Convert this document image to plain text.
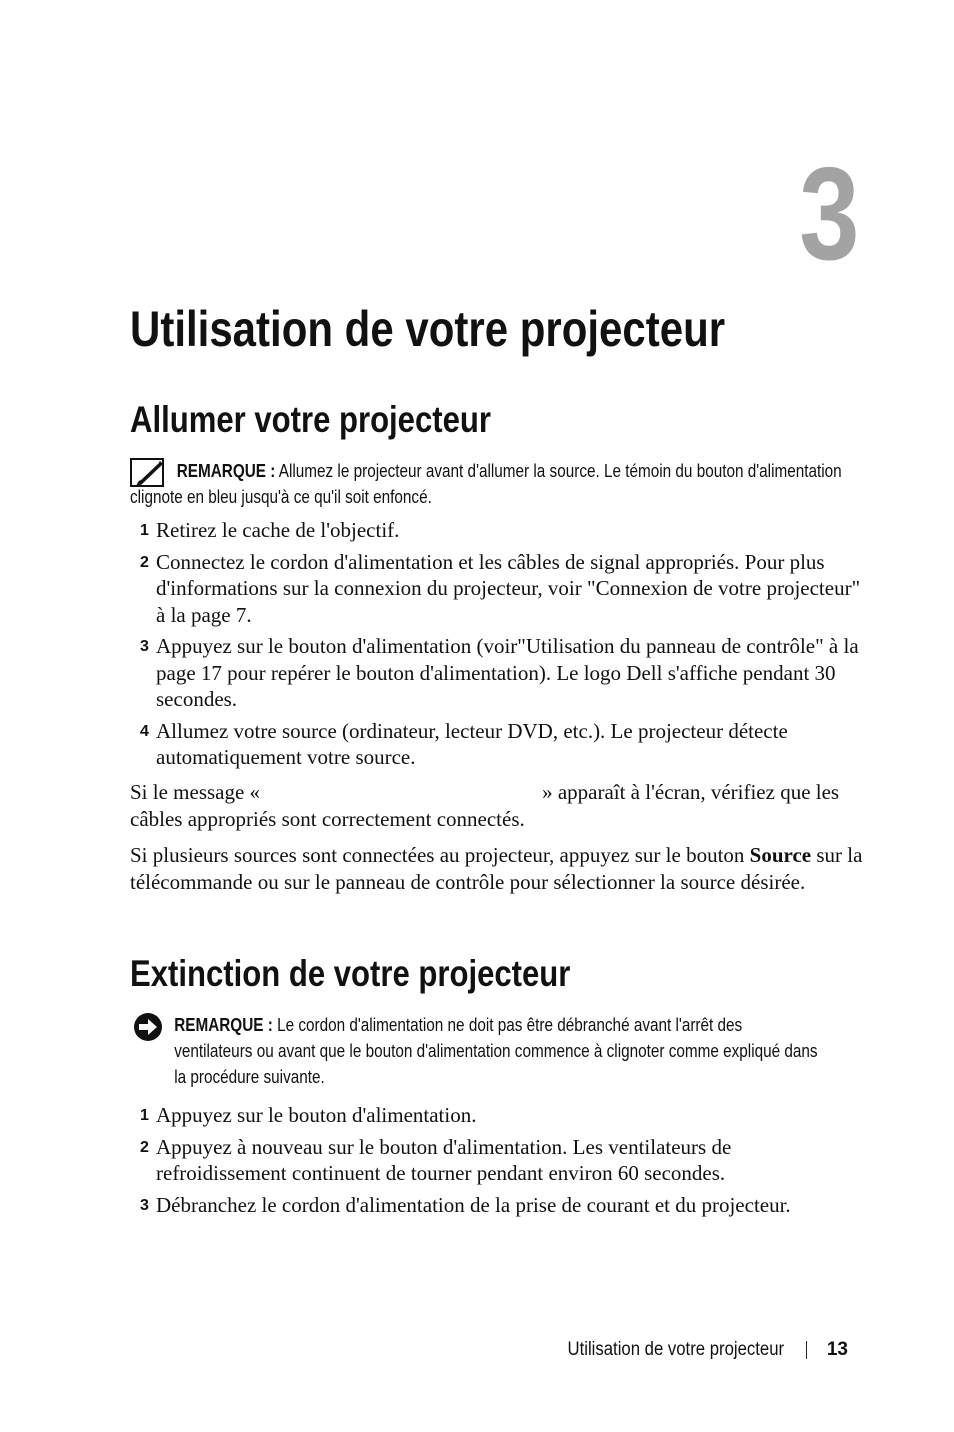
3
Utilisation de votre projecteur
Allumer votre projecteur
REMARQUE : Allumez le projecteur avant d'allumer la source. Le témoin du bouton d'alimentation clignote en bleu jusqu'à ce qu'il soit enfoncé.
1 Retirez le cache de l'objectif.
2 Connectez le cordon d'alimentation et les câbles de signal appropriés. Pour plus d'informations sur la connexion du projecteur, voir "Connexion de votre projecteur" à la page 7.
3 Appuyez sur le bouton d'alimentation (voir"Utilisation du panneau de contrôle" à la page 17 pour repérer le bouton d'alimentation). Le logo Dell s'affiche pendant 30 secondes.
4 Allumez votre source (ordinateur, lecteur DVD, etc.). Le projecteur détecte automatiquement votre source.

Si le message «	» apparaît à l'écran, vérifiez que les câbles appropriés sont correctement connectés.

Si plusieurs sources sont connectées au projecteur, appuyez sur le bouton Source sur la télécommande ou sur le panneau de contrôle pour sélectionner la source désirée.

Extinction de votre projecteur
REMARQUE : Le cordon d'alimentation ne doit pas être débranché avant l'arrêt des ventilateurs ou avant que le bouton d'alimentation commence à clignoter comme expliqué dans la procédure suivante.
1 Appuyez sur le bouton d'alimentation.
2 Appuyez à nouveau sur le bouton d'alimentation. Les ventilateurs de refroidissement continuent de tourner pendant environ 60 secondes.
3 Débranchez le cordon d'alimentation de la prise de courant et du projecteur.
Utilisation de votre projecteur 13
